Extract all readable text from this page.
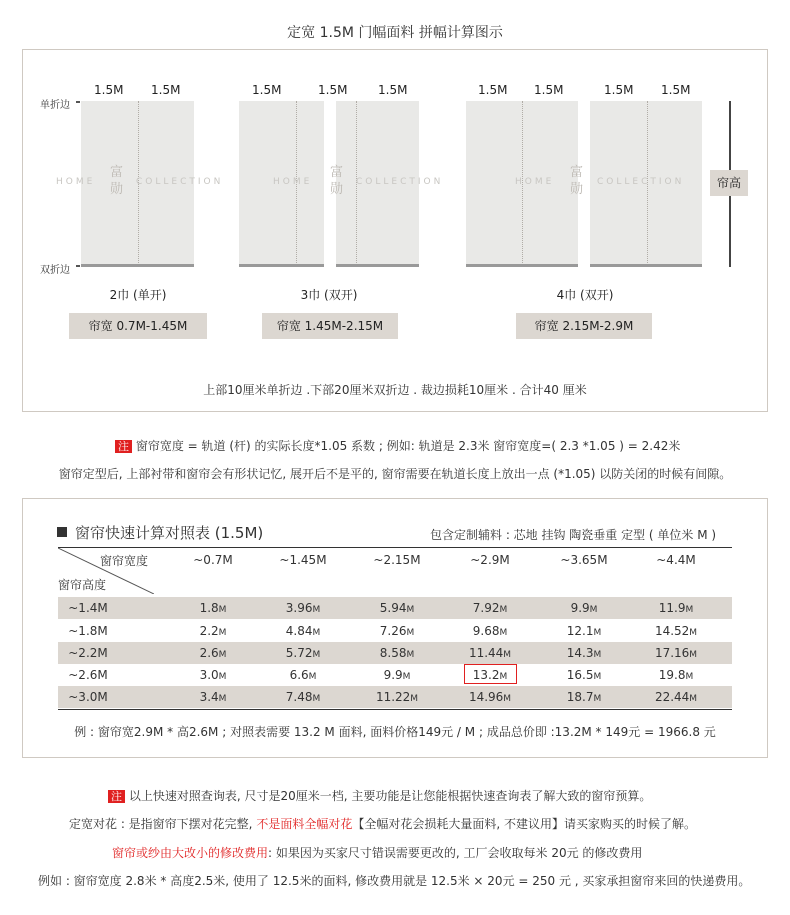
定宽 1.5M 门幅面料 拼幅计算图示
单折边
双折边
1.5M 1.5M
HOME
富勋	COLLECTION
2巾 (单开)
帘宽 0.7M-1.45M
1.5M	1.5M	1.5M
HOME
富勋	COLLECTION
3巾 (双开)
帘宽 1.45M-2.15M
1.5M 1.5M	1.5M 1.5M
HOME
富勋	COLLECTION
4巾 (双开)
帘宽 2.15M-2.9M
帘高
上部10厘米单折边 .下部20厘米双折边 . 裁边损耗10厘米 . 合计40 厘米
注 窗帘宽度 = 轨道 (杆) 的实际长度*1.05 系数 ; 例如: 轨道是 2.3米 窗帘宽度=( 2.3 *1.05 ) = 2.42米
窗帘定型后, 上部衬带和窗帘会有形状记忆, 展开后不是平的, 窗帘需要在轨道长度上放出一点 (*1.05) 以防关闭的时候有间隙。
窗帘快速计算对照表 (1.5M)	包含定制辅料 : 芯地 挂钩 陶瓷垂重 定型 ( 单位米 M )
窗帘宽度
窗帘高度
~0.7M	~1.45M	~2.15M	~2.9M	~3.65M	~4.4M
~1.4M	1.8M	3.96M	5.94M	7.92M	9.9M	11.9M
~1.8M	2.2M	4.84M	7.26M	9.68M	12.1M	14.52M
~2.2M	2.6M	5.72M	8.58M	11.44M	14.3M	17.16M
~2.6M	3.0M	6.6M	9.9M	13.2M	16.5M	19.8M
~3.0M	3.4M	7.48M	11.22M	14.96M	18.7M	22.44M
例 : 窗帘宽2.9M * 高2.6M ; 对照表需要 13.2 M 面料, 面料价格149元 / M ; 成品总价即 :13.2M * 149元 = 1966.8 元
注 以上快速对照查询表, 尺寸是20厘米一档, 主要功能是让您能根据快速查询表了解大致的窗帘预算。
定宽对花 : 是指窗帘下摆对花完整, 不是面料全幅对花【全幅对花会损耗大量面料, 不建议用】请买家购买的时候了解。
窗帘或纱由大改小的修改费用: 如果因为买家尺寸错误需要更改的, 工厂会收取每米 20元 的修改费用
例如 : 窗帘宽度 2.8米 * 高度2.5米, 使用了 12.5米的面料, 修改费用就是 12.5米 × 20元 = 250 元 , 买家承担窗帘来回的快递费用。
